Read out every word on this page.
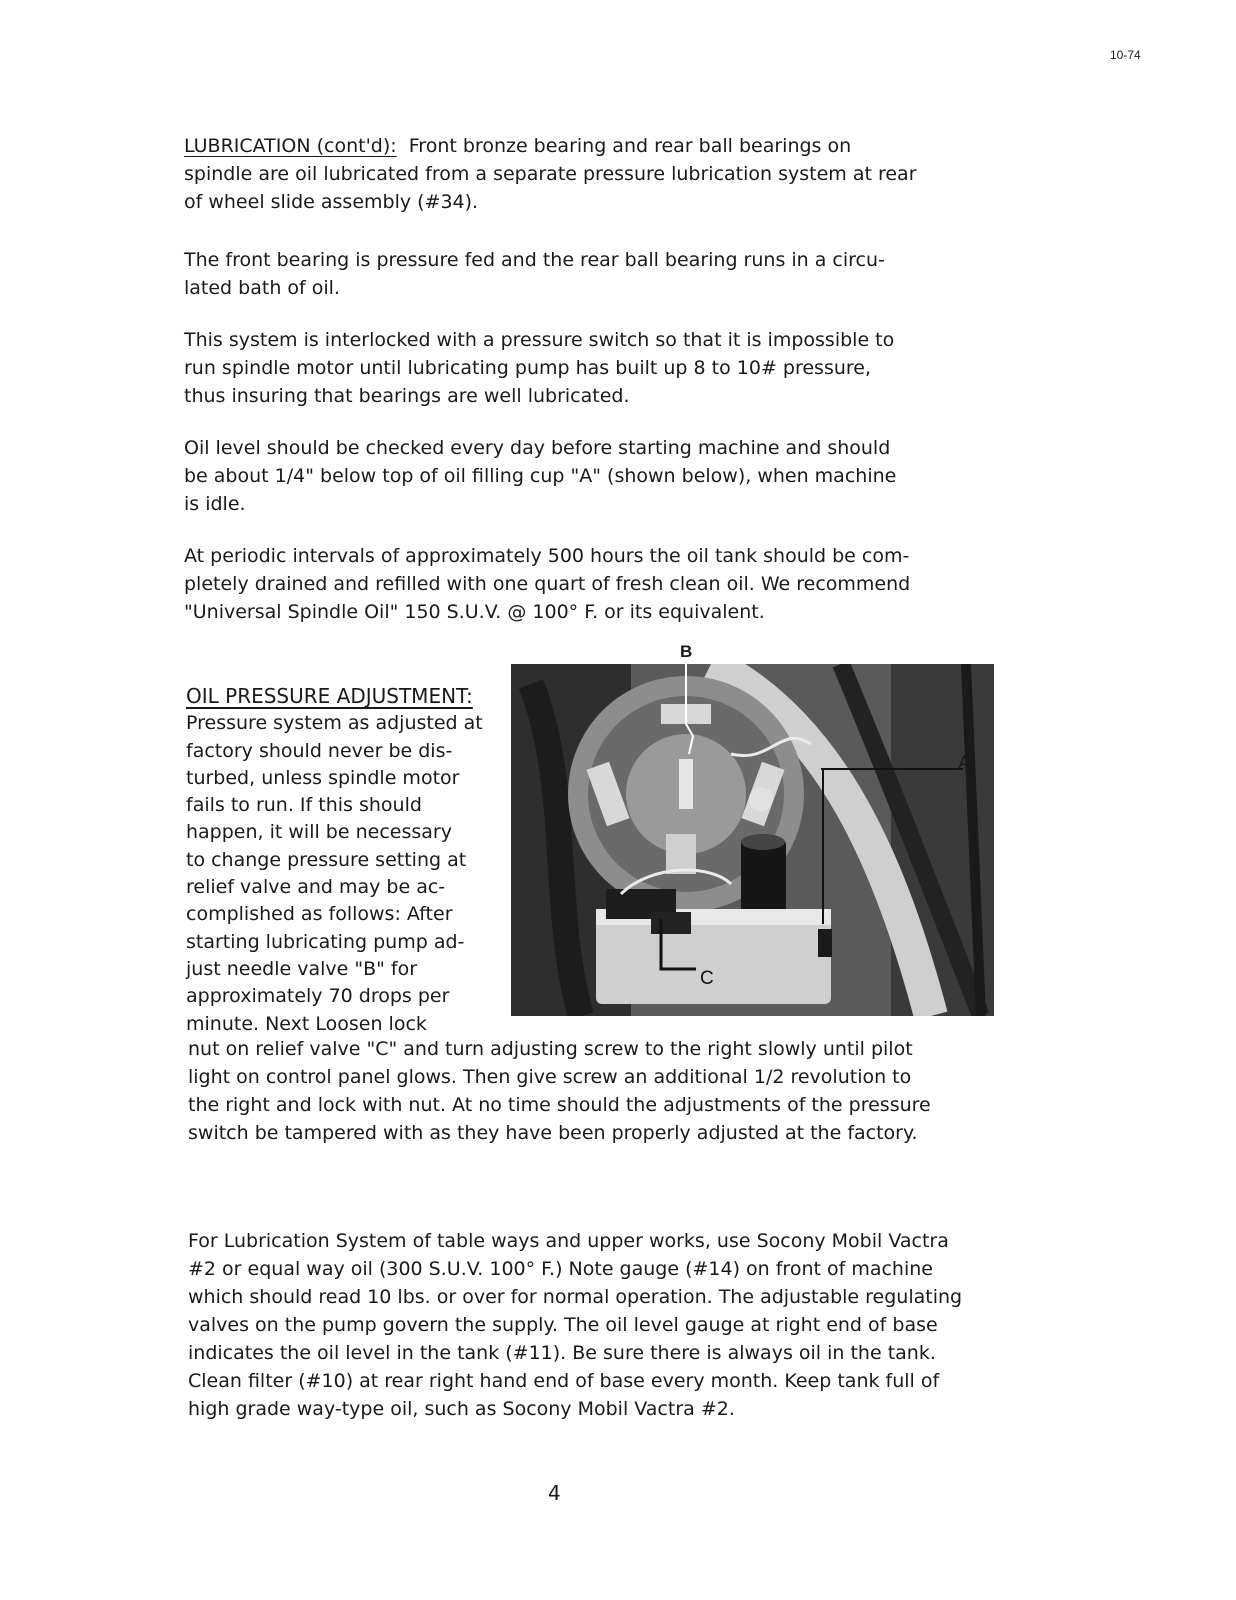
10-74
LUBRICATION (cont'd): Front bronze bearing and rear ball bearings on
spindle are oil lubricated from a separate pressure lubrication system at rear
of wheel slide assembly (#34).
The front bearing is pressure fed and the rear ball bearing runs in a circu-
lated bath of oil.
This system is interlocked with a pressure switch so that it is impossible to
run spindle motor until lubricating pump has built up 8 to 10# pressure,
thus insuring that bearings are well lubricated.
Oil level should be checked every day before starting machine and should
be about 1/4" below top of oil filling cup "A" (shown below), when machine
is idle.
At periodic intervals of approximately 500 hours the oil tank should be com-
pletely drained and refilled with one quart of fresh clean oil. We recommend
"Universal Spindle Oil" 150 S.U.V. @ 100° F. or its equivalent.
OIL PRESSURE ADJUSTMENT:
Pressure system as adjusted at
factory should never be dis-
turbed, unless spindle motor
fails to run. If this should
happen, it will be necessary
to change pressure setting at
relief valve and may be ac-
complished as follows: After
starting lubricating pump ad-
just needle valve "B" for
approximately 70 drops per
minute. Next Loosen lock
B
A
C
nut on relief valve "C" and turn adjusting screw to the right slowly until pilot
light on control panel glows. Then give screw an additional 1/2 revolution to
the right and lock with nut. At no time should the adjustments of the pressure
switch be tampered with as they have been properly adjusted at the factory.
For Lubrication System of table ways and upper works, use Socony Mobil Vactra
#2 or equal way oil (300 S.U.V. 100° F.) Note gauge (#14) on front of machine
which should read 10 lbs. or over for normal operation. The adjustable regulating
valves on the pump govern the supply. The oil level gauge at right end of base
indicates the oil level in the tank (#11). Be sure there is always oil in the tank.
Clean filter (#10) at rear right hand end of base every month. Keep tank full of
high grade way-type oil, such as Socony Mobil Vactra #2.
4
